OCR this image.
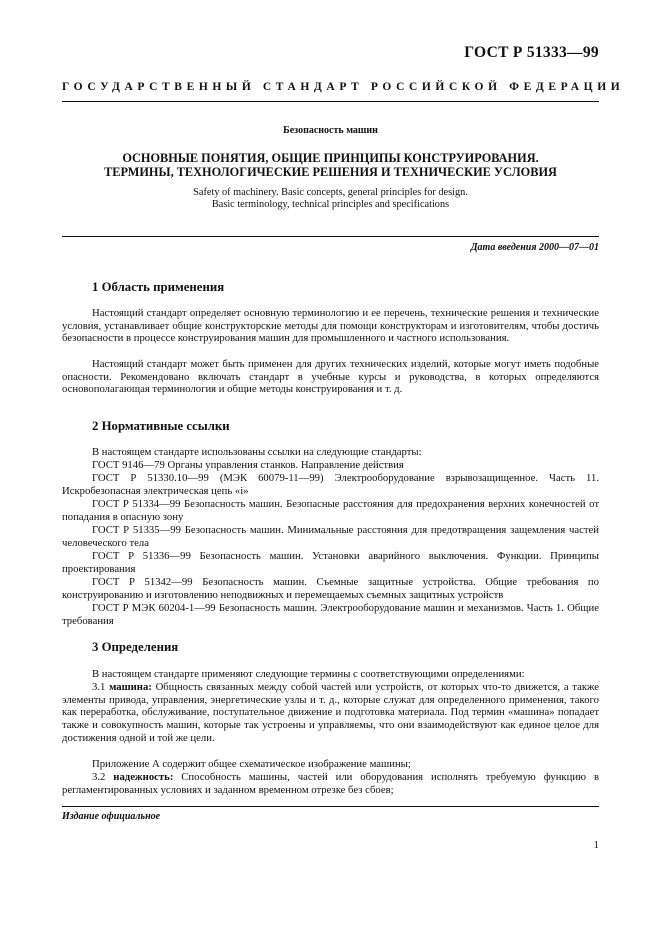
ГОСТ Р 51333—99
ГОСУДАРСТВЕННЫЙ СТАНДАРТ РОССИЙСКОЙ ФЕДЕРАЦИИ
Безопасность машин
ОСНОВНЫЕ ПОНЯТИЯ, ОБЩИЕ ПРИНЦИПЫ КОНСТРУИРОВАНИЯ.
ТЕРМИНЫ, ТЕХНОЛОГИЧЕСКИЕ РЕШЕНИЯ И ТЕХНИЧЕСКИЕ УСЛОВИЯ
Safety of machinery. Basic concepts, general principles for design.
Basic terminology, technical principles and specifications
Дата введения 2000—07—01
1 Область применения

Настоящий стандарт определяет основную терминологию и ее перечень, технические решения и технические условия, устанавливает общие конструкторские методы для помощи конструкторам и изготовителям, чтобы достичь безопасности в процессе конструирования машин для промышленного и частного использования.

Настоящий стандарт может быть применен для других технических изделий, которые могут иметь подобные опасности. Рекомендовано включать стандарт в учебные курсы и руководства, в которых определяются основополагающая терминология и общие методы конструирования и т. д.

2 Нормативные ссылки

В настоящем стандарте использованы ссылки на следующие стандарты:

ГОСТ 9146—79 Органы управления станков. Направление действия

ГОСТ Р 51330.10—99 (МЭК 60079-11—99) Электрооборудование взрывозащищенное. Часть 11. Искробезопасная электрическая цепь «i»

ГОСТ Р 51334—99 Безопасность машин. Безопасные расстояния для предохранения верхних конечностей от попадания в опасную зону

ГОСТ Р 51335—99 Безопасность машин. Минимальные расстояния для предотвращения защемления частей человеческого тела

ГОСТ Р 51336—99 Безопасность машин. Установки аварийного выключения. Функции. Принципы проектирования

ГОСТ Р 51342—99 Безопасность машин. Съемные защитные устройства. Общие требования по конструированию и изготовлению неподвижных и перемещаемых съемных защитных устройств

ГОСТ Р МЭК 60204-1—99 Безопасность машин. Электрооборудование машин и механизмов. Часть 1. Общие требования

3 Определения

В настоящем стандарте применяют следующие термины с соответствующими определениями:

3.1 машина: Общность связанных между собой частей или устройств, от которых что-то движется, а также элементы привода, управления, энергетические узлы и т. д., которые служат для определенного применения, такого как переработка, обслуживание, поступательное движение и подготовка материала. Под термин «машина» попадает также и совокупность машин, которые так устроены и управляемы, что они взаимодействуют как единое целое для достижения одной и той же цели.

Приложение А содержит общее схематическое изображение машины;

3.2 надежность: Способность машины, частей или оборудования исполнять требуемую функцию в регламентированных условиях и заданном временном отрезке без сбоев;

Издание официальное
1
